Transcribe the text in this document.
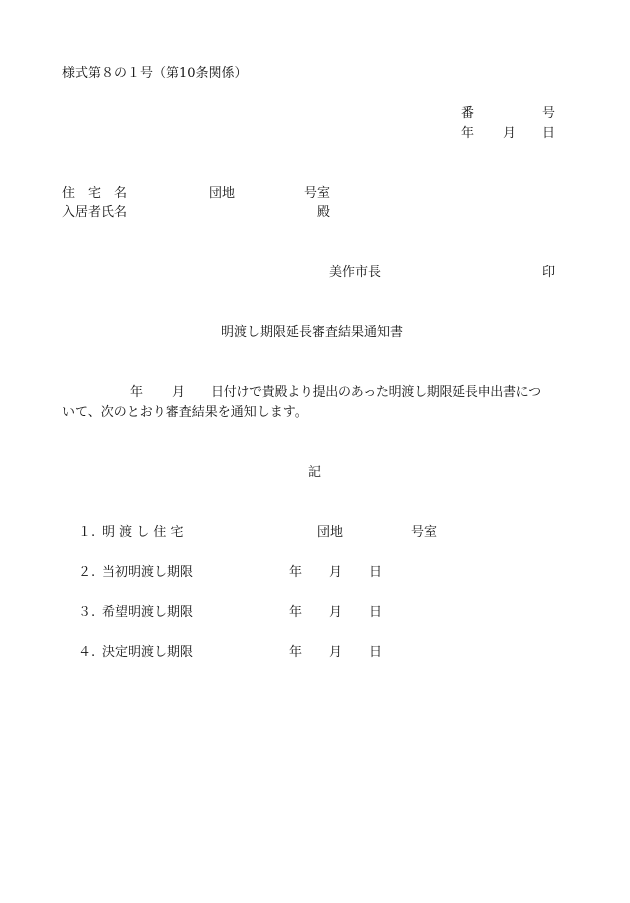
様式第８の１号（第10条関係）
番	号
年 月 日
住　宅　名	団地	号室
入居者氏名	殿
美作市長	印
明渡し期限延長審査結果通知書
年 月 日付けで貴殿より提出のあった明渡し期限延長申出書につ
いて、次のとおり審査結果を通知します。
記
１. 明 渡 し 住 宅	団地	号室
２. 当初明渡し期限	年 月 日
３. 希望明渡し期限	年 月 日
４. 決定明渡し期限	年 月 日
